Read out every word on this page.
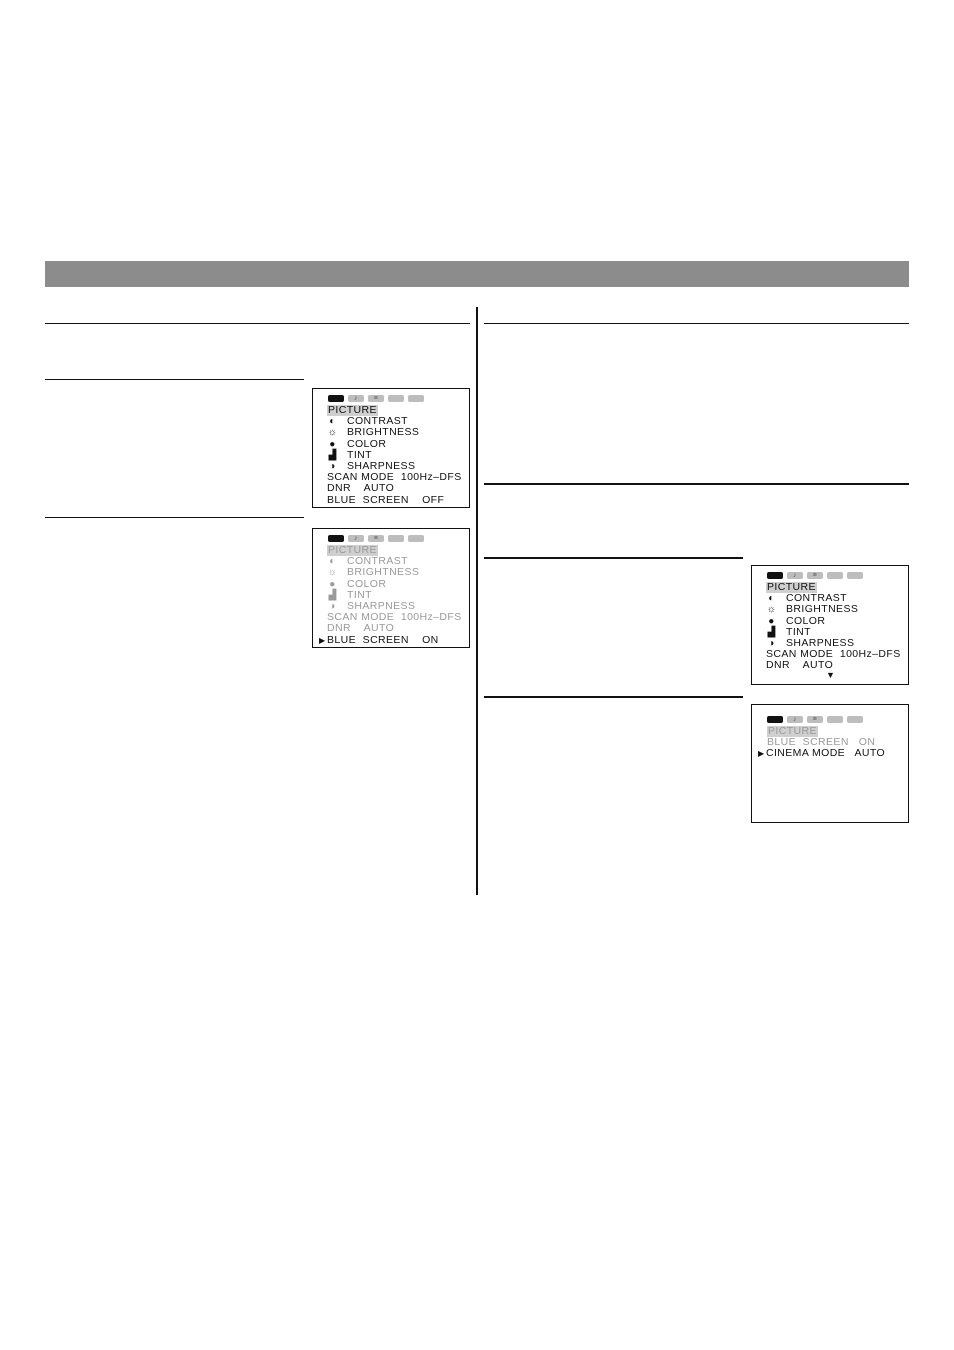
♪	≡
PICTURE
◐ CONTRAST
☼ BRIGHTNESS
● COLOR
▟ TINT
◑ SHARPNESS
SCAN MODE  100Hz–DFS
DNR    AUTO
BLUE  SCREEN    OFF
♪	≡
PICTURE
◐ CONTRAST
☼ BRIGHTNESS
● COLOR
▟ TINT
◑ SHARPNESS
SCAN MODE  100Hz–DFS
DNR    AUTO
▶ BLUE  SCREEN    ON
♪	≡
PICTURE
◐ CONTRAST
☼ BRIGHTNESS
● COLOR
▟ TINT
◑ SHARPNESS
SCAN MODE  100Hz–DFS
DNR    AUTO
▼
♪	≡
PICTURE
BLUE  SCREEN   ON
▶ CINEMA MODE   AUTO
